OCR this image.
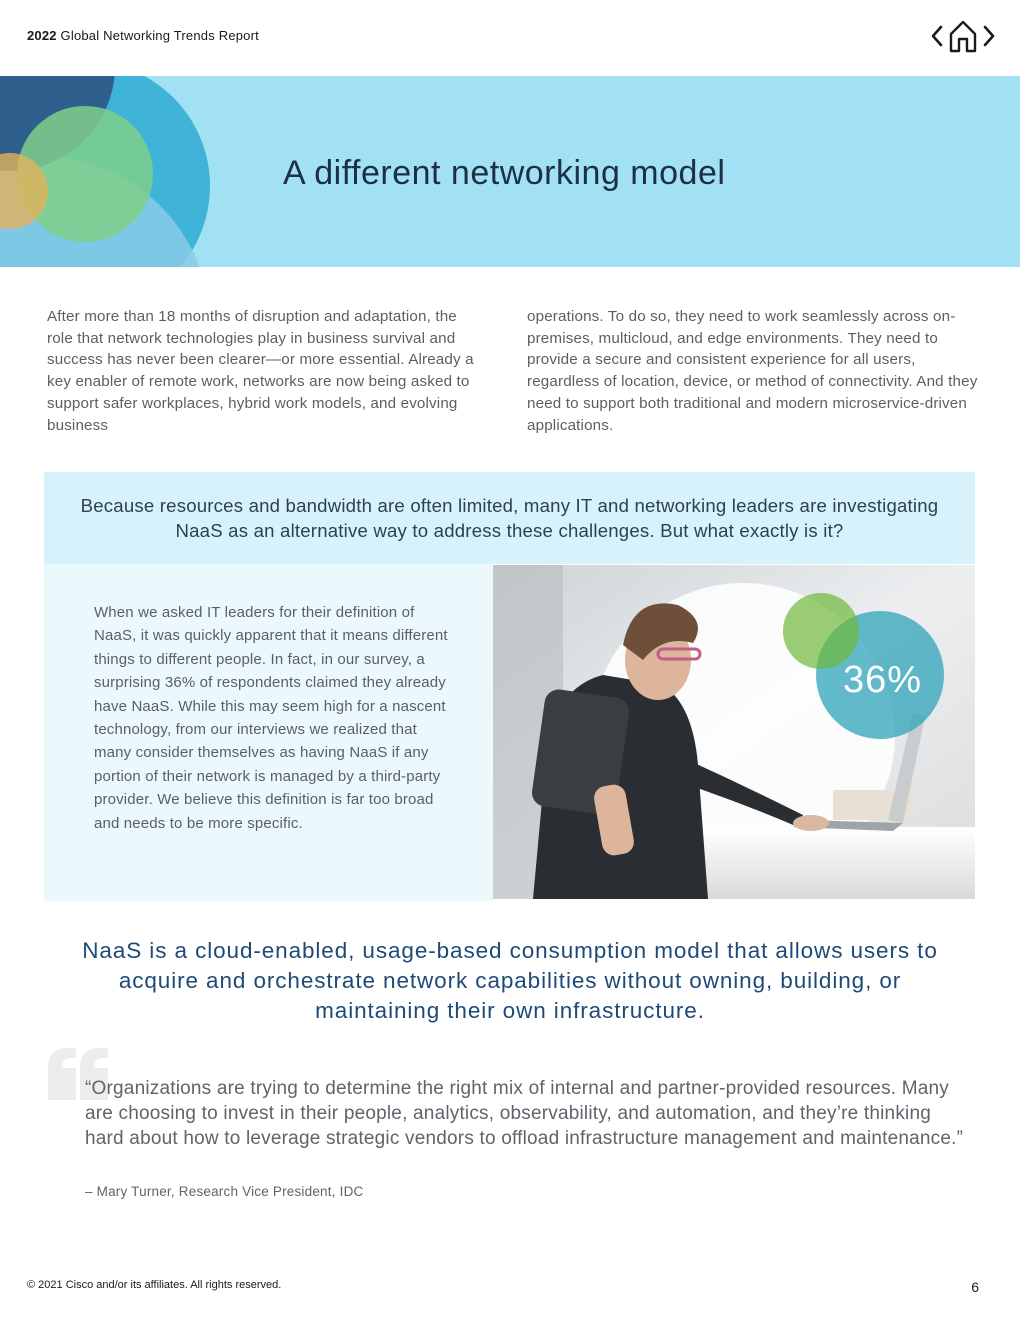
2022 Global Networking Trends Report
A different networking model
After more than 18 months of disruption and adaptation, the role that network technologies play in business survival and success has never been clearer—or more essential. Already a key enabler of remote work, networks are now being asked to support safer workplaces, hybrid work models, and evolving business
operations. To do so, they need to work seamlessly across on-premises, multicloud, and edge environments. They need to provide a secure and consistent experience for all users, regardless of location, device, or method of connectivity. And they need to support both traditional and modern microservice-driven applications.
Because resources and bandwidth are often limited, many IT and networking leaders are investigating NaaS as an alternative way to address these challenges. But what exactly is it?
When we asked IT leaders for their definition of NaaS, it was quickly apparent that it means different things to different people. In fact, in our survey, a surprising 36% of respondents claimed they already have NaaS. While this may seem high for a nascent technology, from our interviews we realized that many consider themselves as having NaaS if any portion of their network is managed by a third-party provider. We believe this definition is far too broad and needs to be more specific.
36%
NaaS is a cloud-enabled, usage-based consumption model that allows users to acquire and orchestrate network capabilities without owning, building, or maintaining their own infrastructure.
“Organizations are trying to determine the right mix of internal and partner-provided resources. Many are choosing to invest in their people, analytics, observability, and automation, and they’re thinking hard about how to leverage strategic vendors to offload infrastructure management and maintenance.”
– Mary Turner, Research Vice President, IDC
© 2021 Cisco and/or its affiliates. All rights reserved.	6
